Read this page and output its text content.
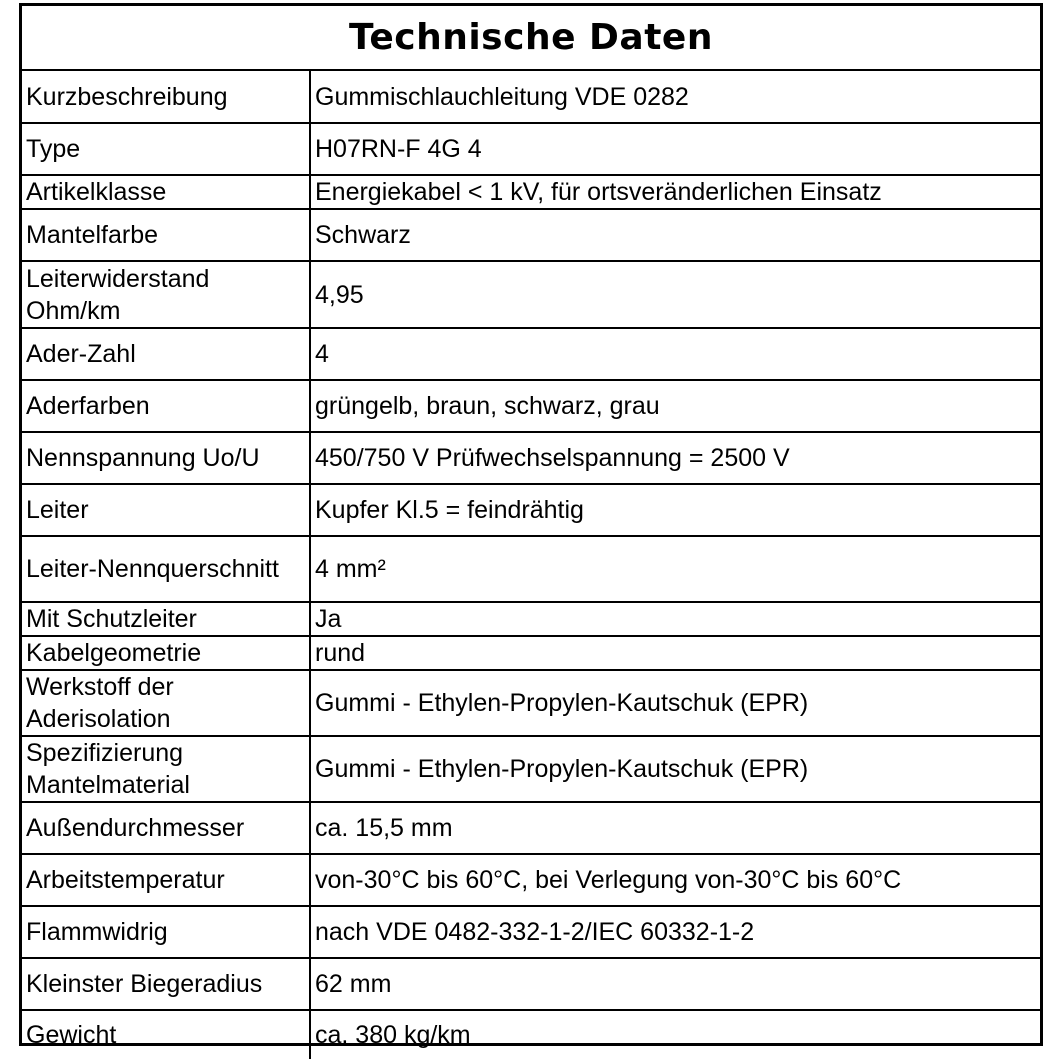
Technische Daten
Kurzbeschreibung	Gummischlauchleitung VDE 0282
Type	H07RN-F 4G 4
Artikelklasse	Energiekabel < 1 kV, für ortsveränderlichen Einsatz
Mantelfarbe	Schwarz
Leiterwiderstand Ohm/km	4,95
Ader-Zahl	4
Aderfarben	grüngelb, braun, schwarz, grau
Nennspannung Uo/U	450/750 V Prüfwechselspannung = 2500 V
Leiter	Kupfer Kl.5 = feindrähtig
Leiter-Nennquerschnitt	4 mm²
Mit Schutzleiter	Ja
Kabelgeometrie	rund
Werkstoff der Aderisolation	Gummi - Ethylen-Propylen-Kautschuk (EPR)
Spezifizierung Mantelmaterial	Gummi - Ethylen-Propylen-Kautschuk (EPR)
Außendurchmesser	ca. 15,5 mm
Arbeitstemperatur	von-30°C bis 60°C, bei Verlegung von-30°C bis 60°C
Flammwidrig	nach VDE 0482-332-1-2/IEC 60332-1-2
Kleinster Biegeradius	62 mm
Gewicht	ca. 380 kg/km
